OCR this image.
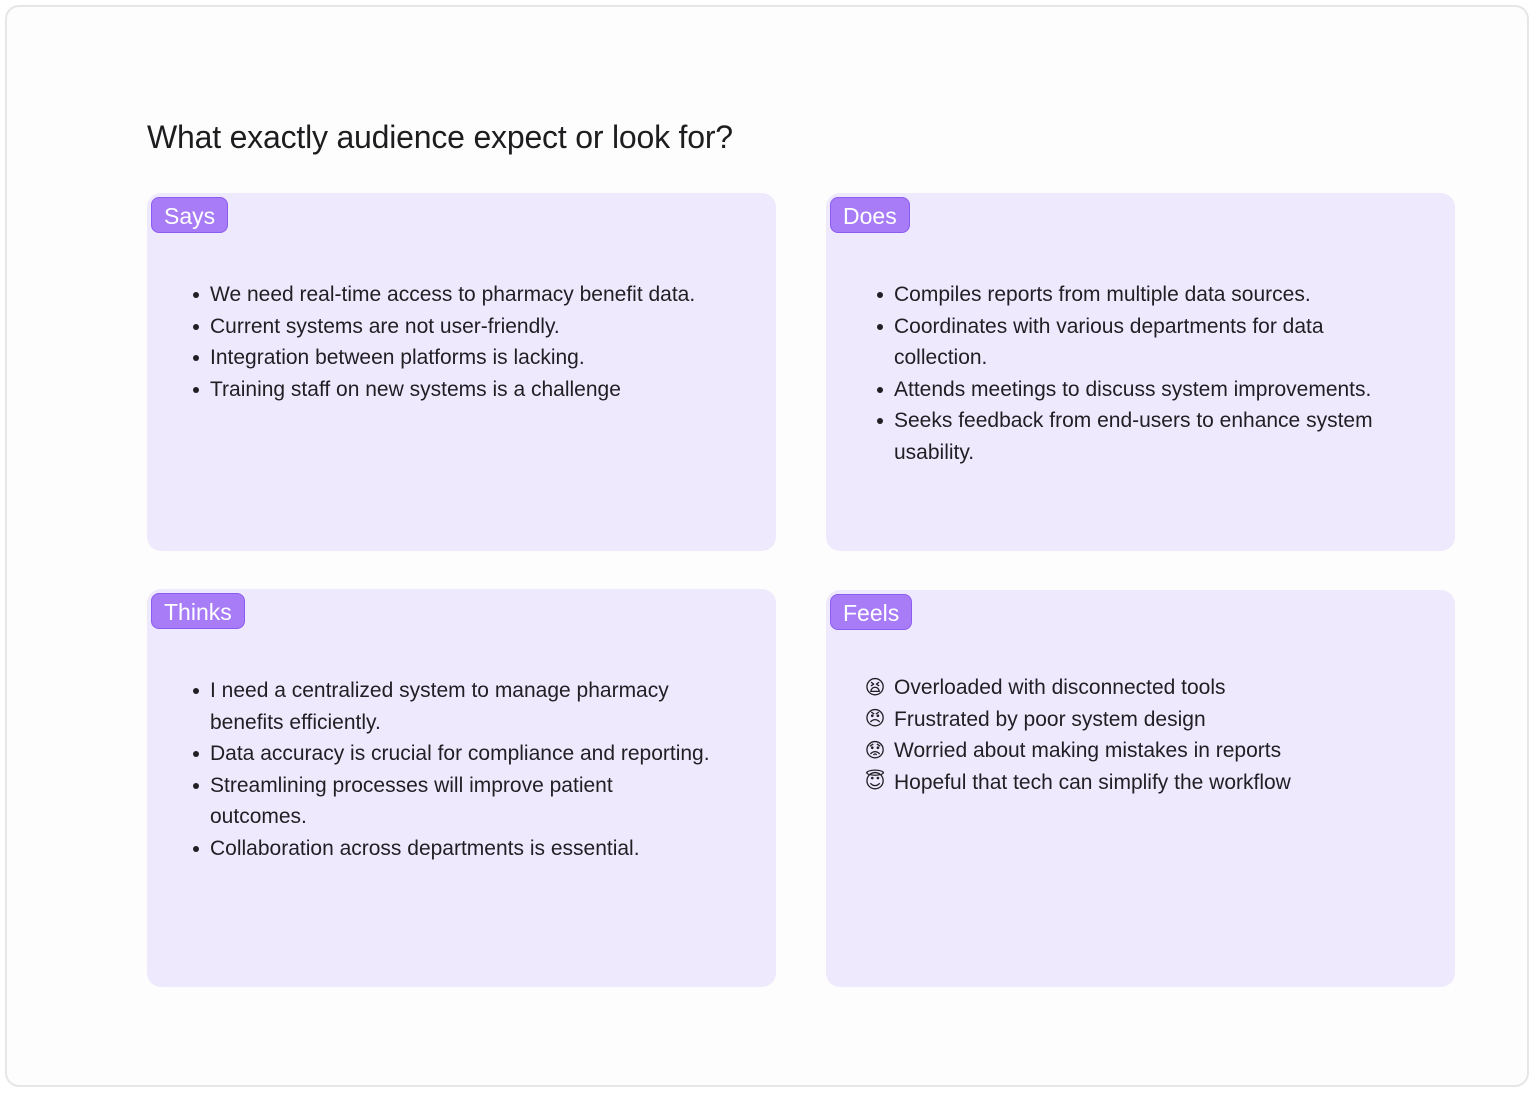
What exactly audience expect or look for?
Says
We need real-time access to pharmacy benefit data.
Current systems are not user-friendly.
Integration between platforms is lacking.
Training staff on new systems is a challenge
Does
Compiles reports from multiple data sources.
Coordinates with various departments for data collection.
Attends meetings to discuss system improvements.
Seeks feedback from end-users to enhance system usability.
Thinks
I need a centralized system to manage pharmacy benefits efficiently.
Data accuracy is crucial for compliance and reporting.
Streamlining processes will improve patient outcomes.
Collaboration across departments is essential.
Feels
😫 Overloaded with disconnected tools
😠 Frustrated by poor system design
😟 Worried about making mistakes in reports
😇 Hopeful that tech can simplify the workflow
